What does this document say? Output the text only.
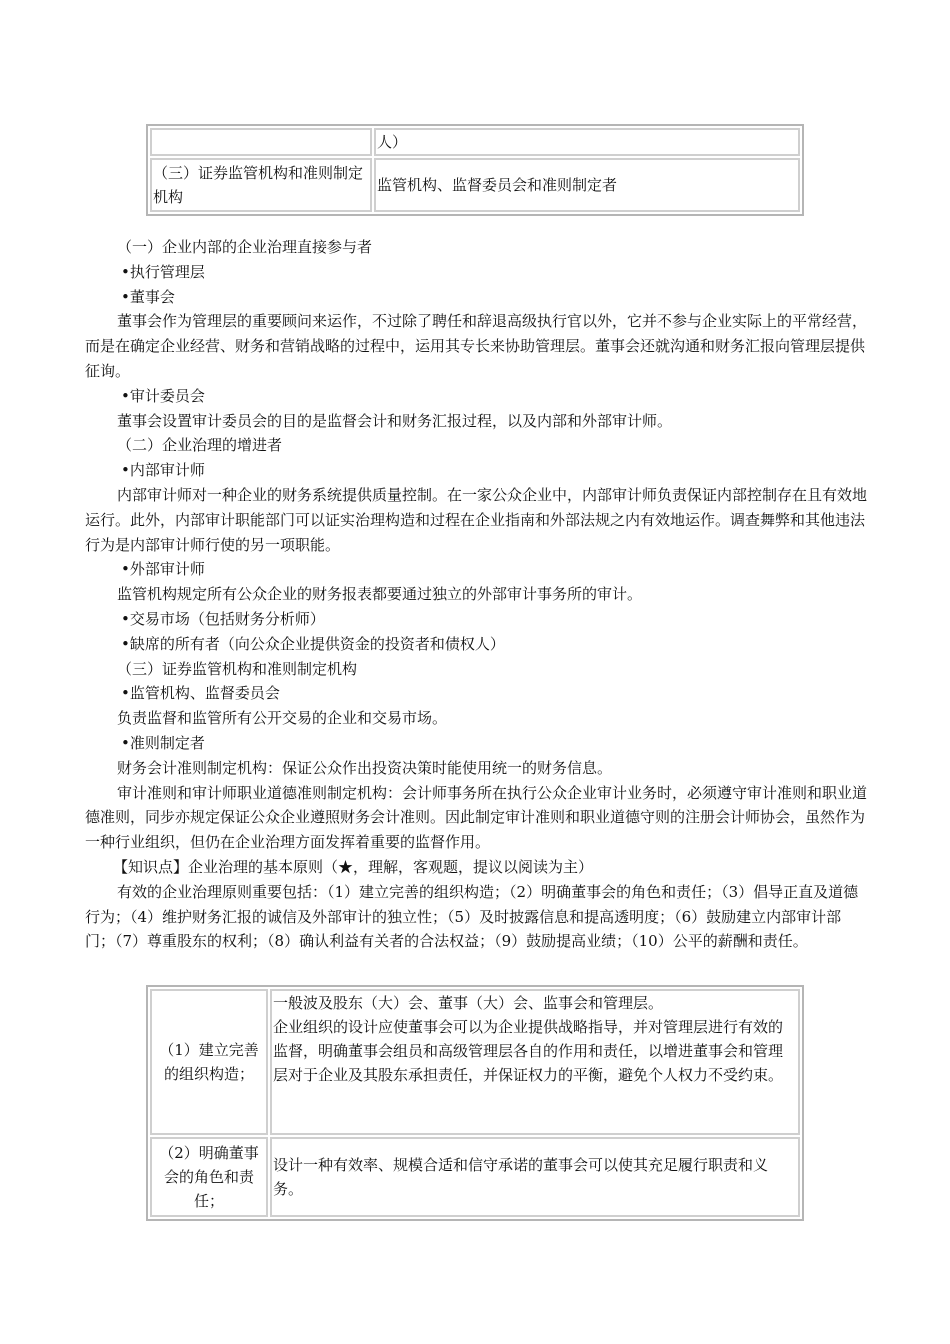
	人）
（三）证券监管机构和准则制定机构	监管机构、监督委员会和准则制定者

（一）企业内部的企业治理直接参与者

•执行管理层

•董事会

董事会作为管理层的重要顾问来运作，不过除了聘任和辞退高级执行官以外，它并不参与企业实际上的平常经营，而是在确定企业经营、财务和营销战略的过程中，运用其专长来协助管理层。董事会还就沟通和财务汇报向管理层提供征询。

•审计委员会

董事会设置审计委员会的目的是监督会计和财务汇报过程，以及内部和外部审计师。

（二）企业治理的增进者

•内部审计师

内部审计师对一种企业的财务系统提供质量控制。在一家公众企业中，内部审计师负责保证内部控制存在且有效地运行。此外，内部审计职能部门可以证实治理构造和过程在企业指南和外部法规之内有效地运作。调查舞弊和其他违法行为是内部审计师行使的另一项职能。

•外部审计师

监管机构规定所有公众企业的财务报表都要通过独立的外部审计事务所的审计。

•交易市场（包括财务分析师）

•缺席的所有者（向公众企业提供资金的投资者和债权人）

（三）证券监管机构和准则制定机构

•监管机构、监督委员会

负责监督和监管所有公开交易的企业和交易市场。

•准则制定者

财务会计准则制定机构：保证公众作出投资决策时能使用统一的财务信息。

审计准则和审计师职业道德准则制定机构：会计师事务所在执行公众企业审计业务时，必须遵守审计准则和职业道德准则，同步亦规定保证公众企业遵照财务会计准则。因此制定审计准则和职业道德守则的注册会计师协会，虽然作为一种行业组织，但仍在企业治理方面发挥着重要的监督作用。

【知识点】企业治理的基本原则（★，理解，客观题，提议以阅读为主）

有效的企业治理原则重要包括：（1）建立完善的组织构造；（2）明确董事会的角色和责任；（3）倡导正直及道德行为；（4）维护财务汇报的诚信及外部审计的独立性；（5）及时披露信息和提高透明度；（6）鼓励建立内部审计部门；（7）尊重股东的权利；（8）确认利益有关者的合法权益；（9）鼓励提高业绩；（10）公平的薪酬和责任。

（1）建立完善的组织构造；	一般波及股东（大）会、董事（大）会、监事会和管理层。
企业组织的设计应使董事会可以为企业提供战略指导，并对管理层进行有效的监督，明确董事会组员和高级管理层各自的作用和责任，以增进董事会和管理层对于企业及其股东承担责任，并保证权力的平衡，避免个人权力不受约束。

（2）明确董事会的角色和责任；	设计一种有效率、规模合适和信守承诺的董事会可以使其充足履行职责和义务。
